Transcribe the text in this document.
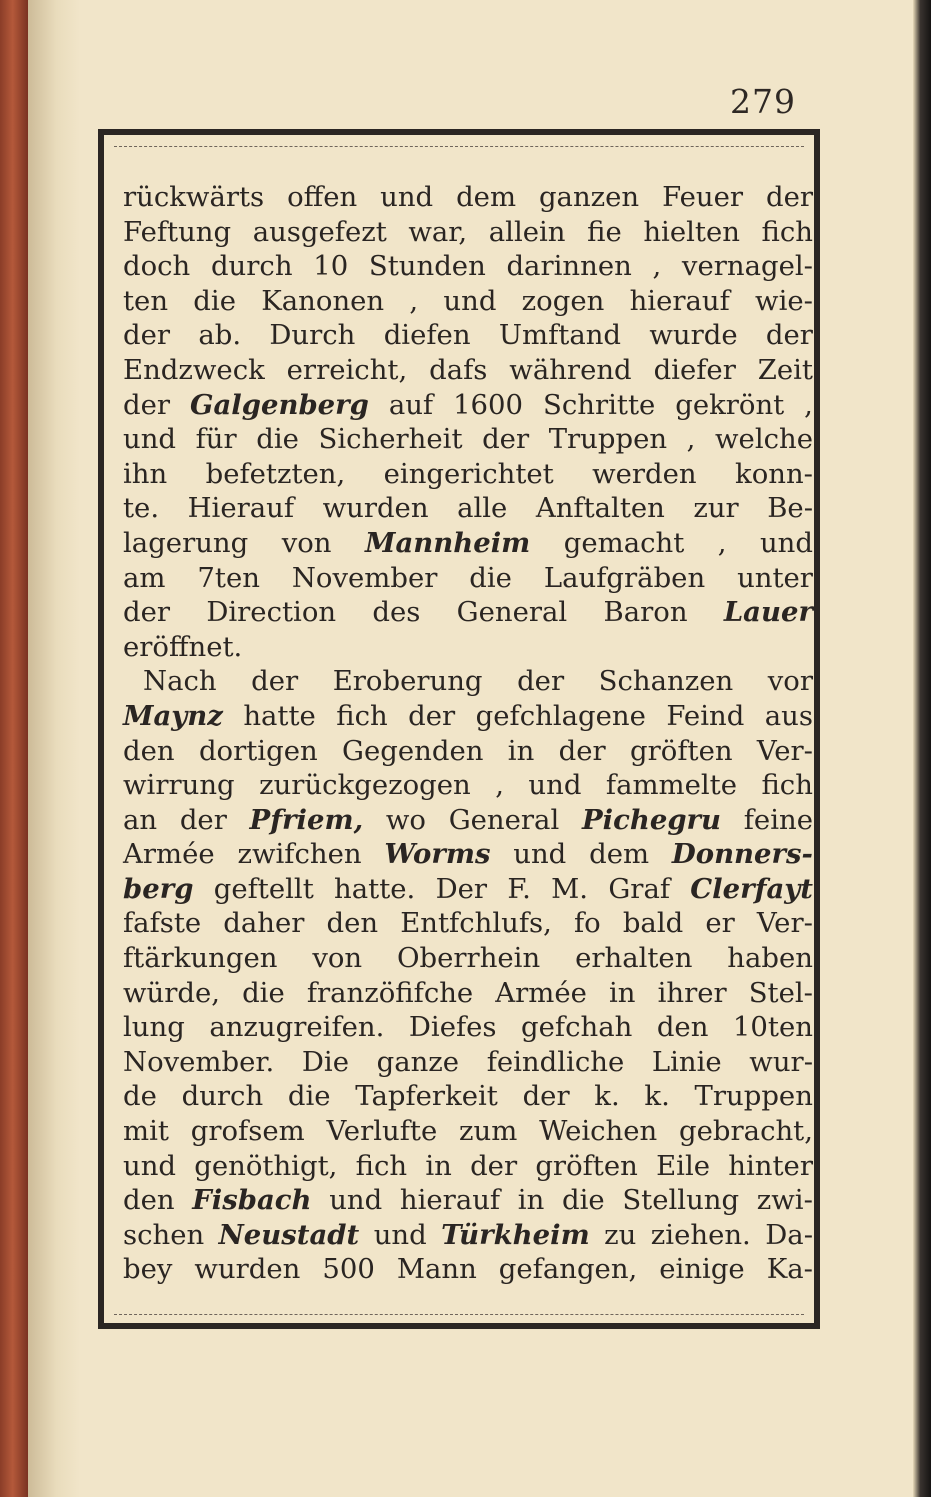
279
rückwärts offen und dem ganzen Feuer der
Feftung ausgefezt war, allein fie hielten fich
doch durch 10 Stunden darinnen , vernagel-
ten die Kanonen , und zogen hierauf wie-
der ab. Durch diefen Umftand wurde der
Endzweck erreicht, dafs während diefer Zeit
der Galgenberg auf 1600 Schritte gekrönt ,
und für die Sicherheit der Truppen , welche
ihn befetzten, eingerichtet werden konn-
te. Hierauf wurden alle Anftalten zur Be-
lagerung von Mannheim gemacht , und
am 7ten November die Laufgräben unter
der Direction des General Baron Lauer
eröffnet.
Nach der Eroberung der Schanzen vor
Maynz hatte fich der gefchlagene Feind aus
den dortigen Gegenden in der gröften Ver-
wirrung zurückgezogen , und fammelte fich
an der Pfriem, wo General Pichegru feine
Armée zwifchen Worms und dem Donners-
berg geftellt hatte. Der F. M. Graf Clerfayt
fafste daher den Entfchlufs, fo bald er Ver-
ftärkungen von Oberrhein erhalten haben
würde, die franzöfifche Armée in ihrer Stel-
lung anzugreifen. Diefes gefchah den 10ten
November. Die ganze feindliche Linie wur-
de durch die Tapferkeit der k. k. Truppen
mit grofsem Verlufte zum Weichen gebracht,
und genöthigt, fich in der gröften Eile hinter
den Fisbach und hierauf in die Stellung zwi-
schen Neustadt und Türkheim zu ziehen. Da-
bey wurden 500 Mann gefangen, einige Ka-
